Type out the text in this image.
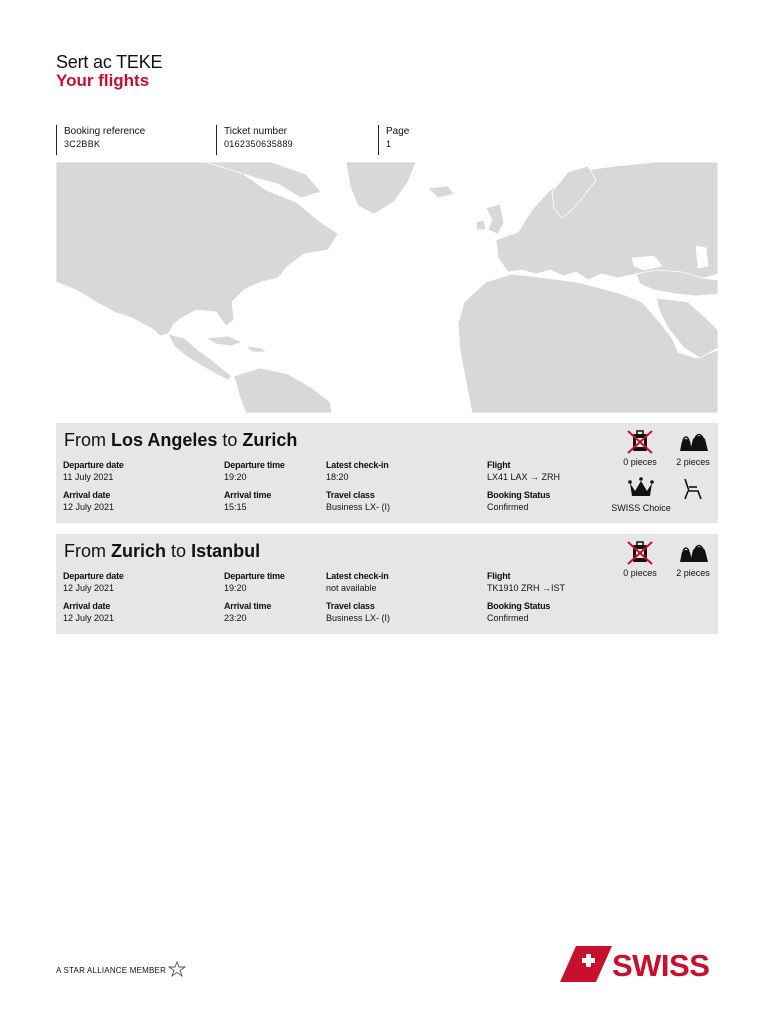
Sert ac TEKE
Your flights
Booking reference
3C2BBK
Ticket number
0162350635889
Page
1
From Los Angeles to Zurich
Departure date
11 July 2021
Departure time
19:20
Latest check-in
18:20
Flight
LX41 LAX → ZRH
Arrival date
12 July 2021
Arrival time
15:15
Travel class
Business LX- (I)
Booking Status
Confirmed
0 pieces	2 pieces
SWISS Choice
From Zurich to Istanbul
Departure date
12 July 2021
Departure time
19:20
Latest check-in
not available
Flight
TK1910 ZRH →IST
Arrival date
12 July 2021
Arrival time
23:20
Travel class
Business LX- (I)
Booking Status
Confirmed
0 pieces	2 pieces
A STAR ALLIANCE MEMBER	SWISS
